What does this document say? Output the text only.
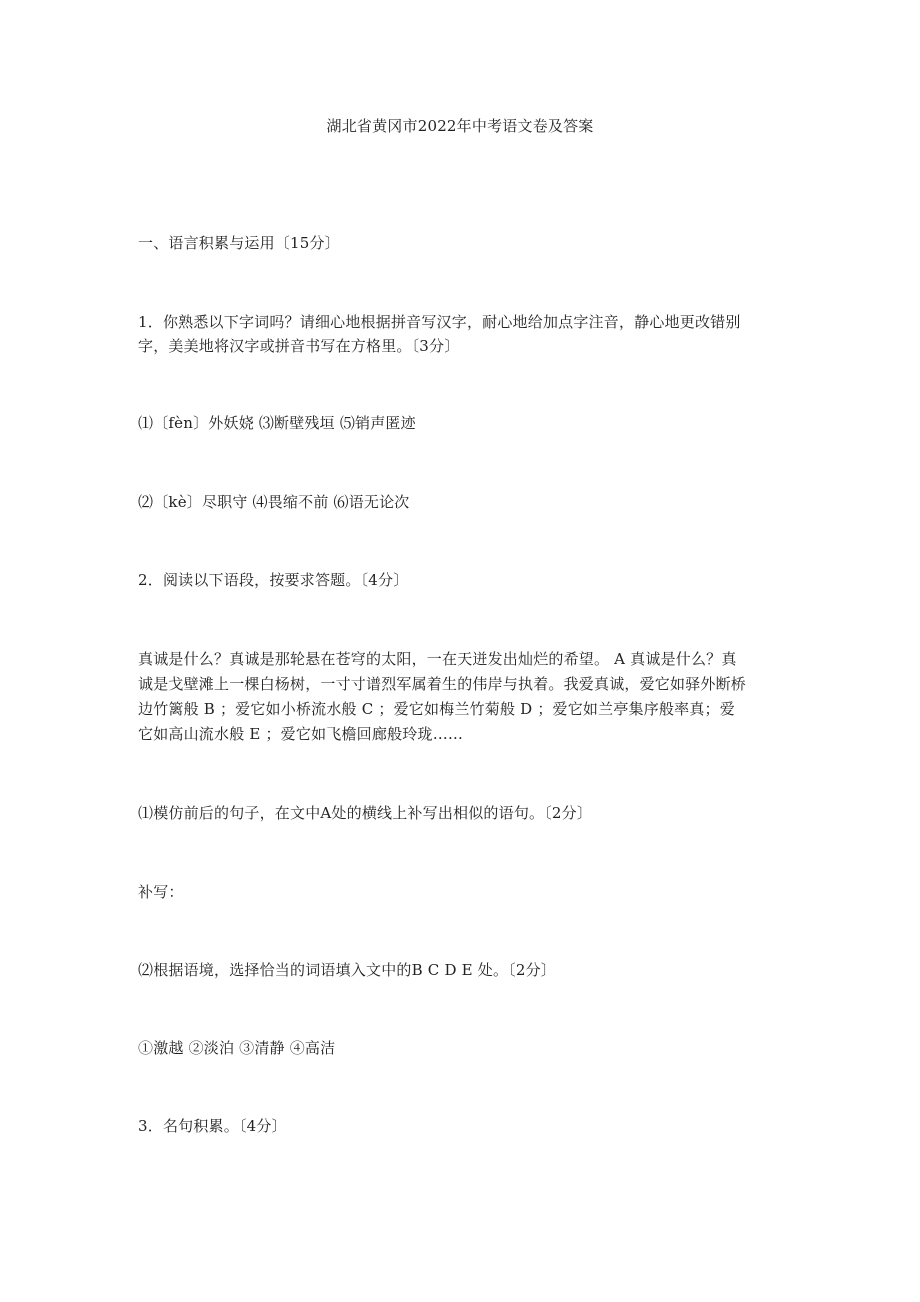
湖北省黄冈市2022年中考语文卷及答案
一、语言积累与运用〔15分〕
1．你熟悉以下字词吗？请细心地根据拼音写汉字，耐心地给加点字注音，静心地更改错别
字，美美地将汉字或拼音书写在方格里。〔3分〕
⑴〔fèn〕外妖娆 ⑶断壁残垣 ⑸销声匿迹
⑵〔kè〕尽职守 ⑷畏缩不前 ⑹语无论次
2．阅读以下语段，按要求答题。〔4分〕
真诚是什么？真诚是那轮悬在苍穹的太阳，一在天迸发出灿烂的希望。 A 真诚是什么？真
诚是戈壁滩上一棵白杨树，一寸寸谱烈军属着生的伟岸与执着。我爱真诚，爱它如驿外断桥
边竹篱般 B ；爱它如小桥流水般 C ；爱它如梅兰竹菊般 D ；爱它如兰亭集序般率真；爱
它如高山流水般 E ；爱它如飞檐回廊般玲珑……
⑴模仿前后的句子，在文中A处的横线上补写出相似的语句。〔2分〕
补写：
⑵根据语境，选择恰当的词语填入文中的B C D E 处。〔2分〕
①激越 ②淡泊 ③清静 ④高洁
3．名句积累。〔4分〕
